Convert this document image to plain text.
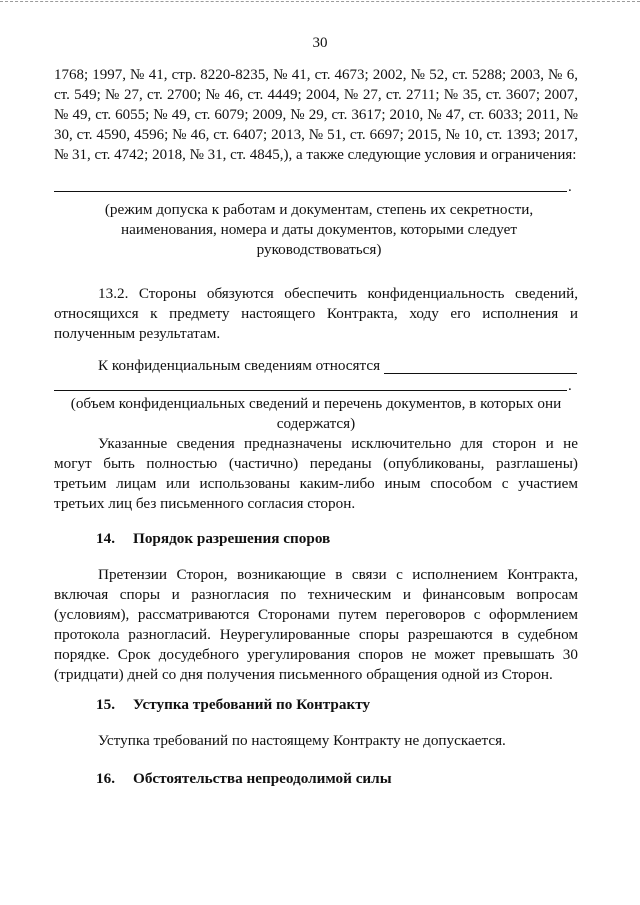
30
1768; 1997, № 41, стр. 8220-8235, № 41, ст. 4673; 2002, № 52, ст. 5288; 2003, № 6, ст. 549; № 27, ст. 2700; № 46, ст. 4449; 2004, № 27, ст. 2711; № 35, ст. 3607; 2007, № 49, ст. 6055; № 49, ст. 6079; 2009, № 29, ст. 3617; 2010, № 47, ст. 6033; 2011, № 30, ст. 4590, 4596; № 46, ст. 6407; 2013, № 51, ст. 6697; 2015, № 10, ст. 1393; 2017, № 31, ст. 4742; 2018, № 31, ст. 4845,), а также следующие условия и ограничения:
.
(режим допуска к работам и документам, степень их секретности, наименования, номера и даты документов, которыми следует руководствоваться)
13.2. Стороны обязуются обеспечить конфиденциальность сведений, относящихся к предмету настоящего Контракта, ходу его исполнения и полученным результатам.
К конфиденциальным сведениям относятся
.
(объем конфиденциальных сведений и перечень документов, в которых они содержатся)
Указанные сведения предназначены исключительно для сторон и не могут быть полностью (частично) переданы (опубликованы, разглашены) третьим лицам или использованы каким-либо иным способом с участием третьих лиц без письменного согласия сторон.
14. Порядок разрешения споров
Претензии Сторон, возникающие в связи с исполнением Контракта, включая споры и разногласия по техническим и финансовым вопросам (условиям), рассматриваются Сторонами путем переговоров с оформлением протокола разногласий. Неурегулированные споры разрешаются в судебном порядке. Срок досудебного урегулирования споров не может превышать 30 (тридцати) дней со дня получения письменного обращения одной из Сторон.
15. Уступка требований по Контракту
Уступка требований по настоящему Контракту не допускается.
16. Обстоятельства непреодолимой силы
